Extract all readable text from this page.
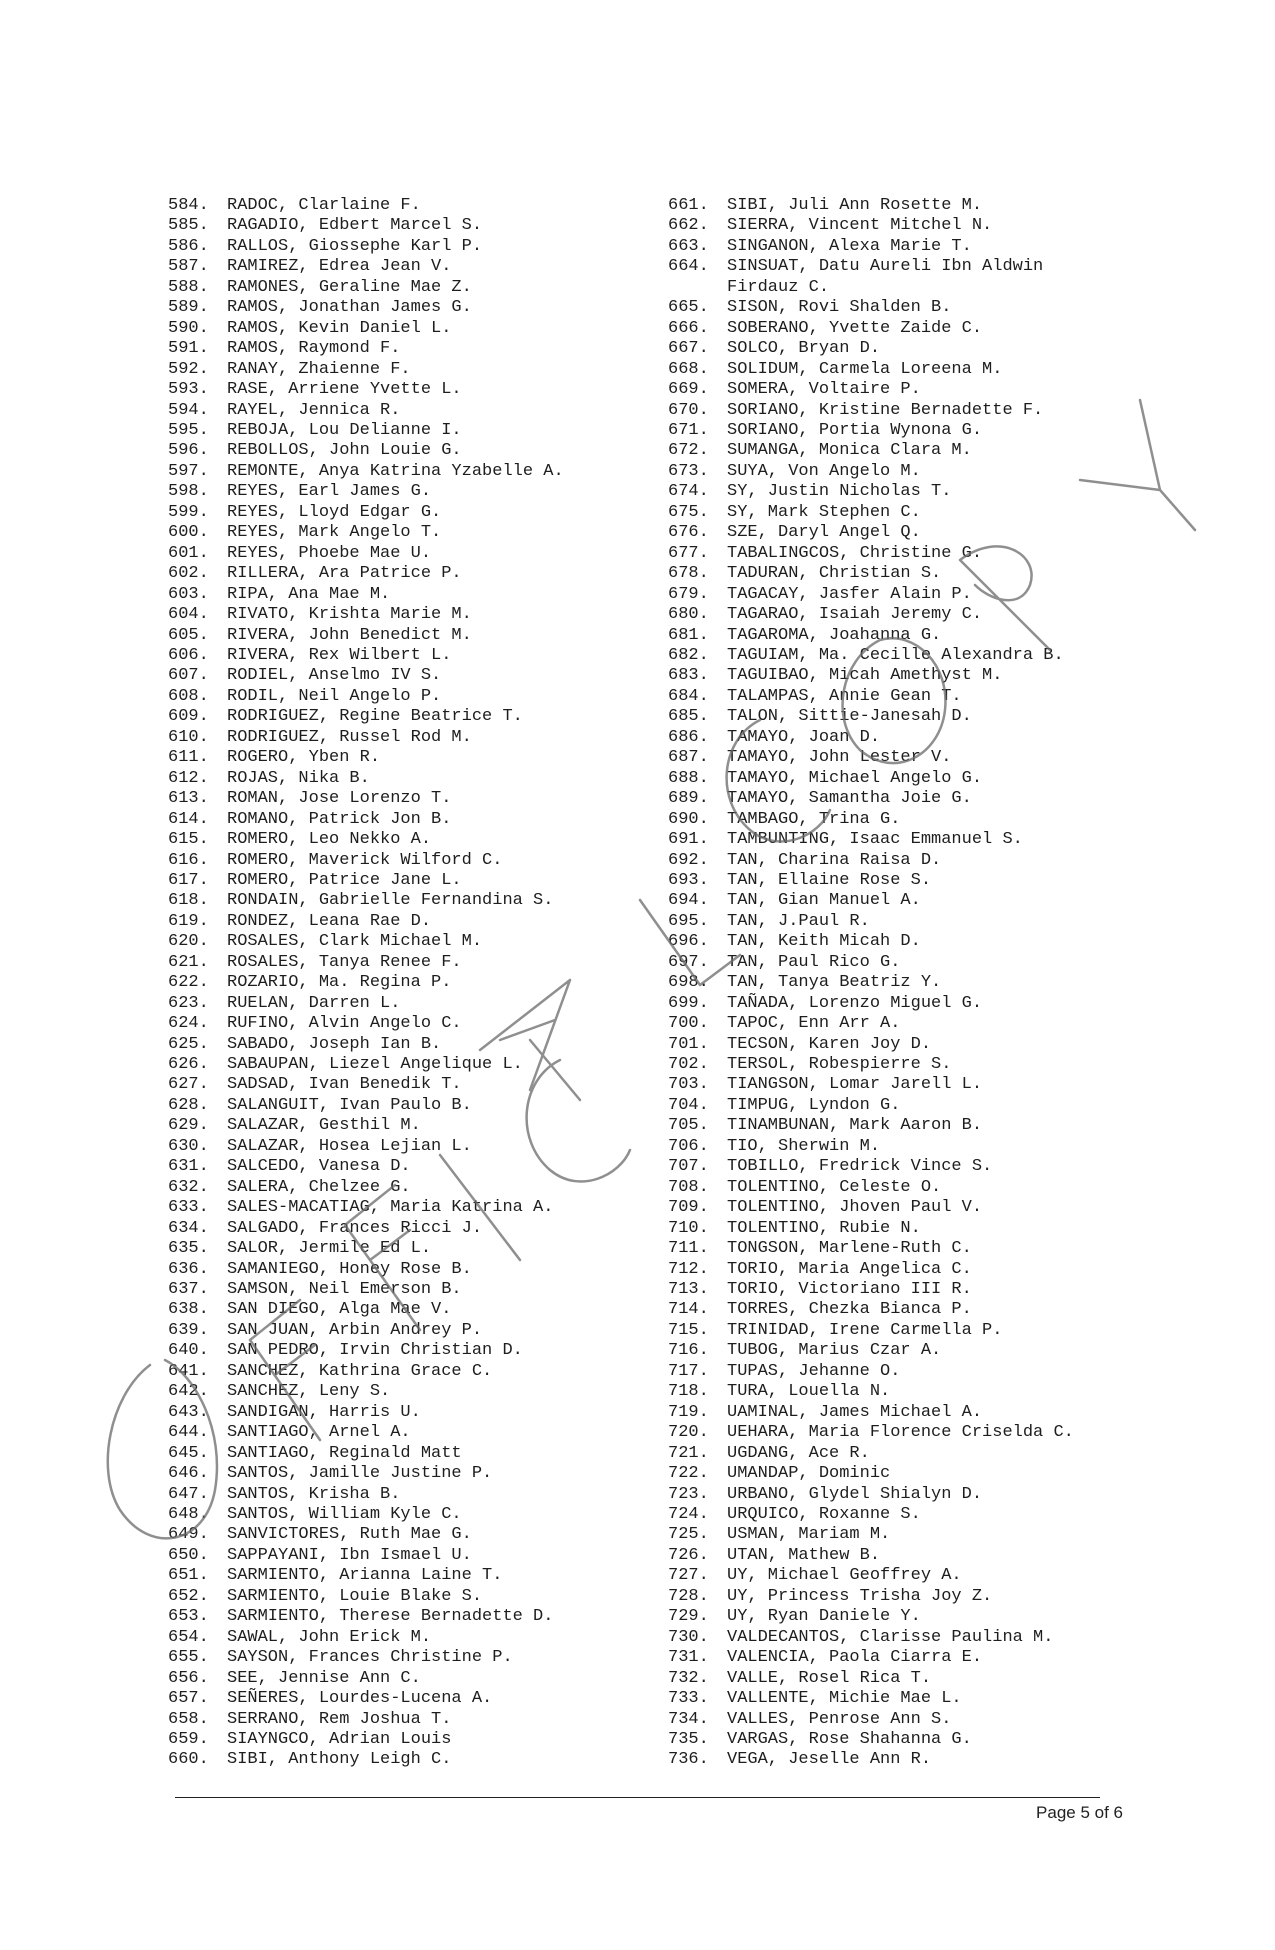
584.	RADOC, Clarlaine F.
585.	RAGADIO, Edbert Marcel S.
586.	RALLOS, Giossephe Karl P.
587.	RAMIREZ, Edrea Jean V.
588.	RAMONES, Geraline Mae Z.
589.	RAMOS, Jonathan James G.
590.	RAMOS, Kevin Daniel L.
591.	RAMOS, Raymond F.
592.	RANAY, Zhaienne F.
593.	RASE, Arriene Yvette L.
594.	RAYEL, Jennica R.
595.	REBOJA, Lou Delianne I.
596.	REBOLLOS, John Louie G.
597.	REMONTE, Anya Katrina Yzabelle A.
598.	REYES, Earl James G.
599.	REYES, Lloyd Edgar G.
600.	REYES, Mark Angelo T.
601.	REYES, Phoebe Mae U.
602.	RILLERA, Ara Patrice P.
603.	RIPA, Ana Mae M.
604.	RIVATO, Krishta Marie M.
605.	RIVERA, John Benedict M.
606.	RIVERA, Rex Wilbert L.
607.	RODIEL, Anselmo IV S.
608.	RODIL, Neil Angelo P.
609.	RODRIGUEZ, Regine Beatrice T.
610.	RODRIGUEZ, Russel Rod M.
611.	ROGERO, Yben R.
612.	ROJAS, Nika B.
613.	ROMAN, Jose Lorenzo T.
614.	ROMANO, Patrick Jon B.
615.	ROMERO, Leo Nekko A.
616.	ROMERO, Maverick Wilford C.
617.	ROMERO, Patrice Jane L.
618.	RONDAIN, Gabrielle Fernandina S.
619.	RONDEZ, Leana Rae D.
620.	ROSALES, Clark Michael M.
621.	ROSALES, Tanya Renee F.
622.	ROZARIO, Ma. Regina P.
623.	RUELAN, Darren L.
624.	RUFINO, Alvin Angelo C.
625.	SABADO, Joseph Ian B.
626.	SABAUPAN, Liezel Angelique L.
627.	SADSAD, Ivan Benedik T.
628.	SALANGUIT, Ivan Paulo B.
629.	SALAZAR, Gesthil M.
630.	SALAZAR, Hosea Lejian L.
631.	SALCEDO, Vanesa D.
632.	SALERA, Chelzee G.
633.	SALES-MACATIAG, Maria Katrina A.
634.	SALGADO, Frances Ricci J.
635.	SALOR, Jermile Ed L.
636.	SAMANIEGO, Honey Rose B.
637.	SAMSON, Neil Emerson B.
638.	SAN DIEGO, Alga Mae V.
639.	SAN JUAN, Arbin Andrey P.
640.	SAN PEDRO, Irvin Christian D.
641.	SANCHEZ, Kathrina Grace C.
642.	SANCHEZ, Leny S.
643.	SANDIGAN, Harris U.
644.	SANTIAGO, Arnel A.
645.	SANTIAGO, Reginald Matt
646.	SANTOS, Jamille Justine P.
647.	SANTOS, Krisha B.
648.	SANTOS, William Kyle C.
649.	SANVICTORES, Ruth Mae G.
650.	SAPPAYANI, Ibn Ismael U.
651.	SARMIENTO, Arianna Laine T.
652.	SARMIENTO, Louie Blake S.
653.	SARMIENTO, Therese Bernadette D.
654.	SAWAL, John Erick M.
655.	SAYSON, Frances Christine P.
656.	SEE, Jennise Ann C.
657.	SEÑERES, Lourdes-Lucena A.
658.	SERRANO, Rem Joshua T.
659.	SIAYNGCO, Adrian Louis
660.	SIBI, Anthony Leigh C.
661.	SIBI, Juli Ann Rosette M.
662.	SIERRA, Vincent Mitchel N.
663.	SINGANON, Alexa Marie T.
664.	SINSUAT, Datu Aureli Ibn Aldwin
Firdauz C.
665.	SISON, Rovi Shalden B.
666.	SOBERANO, Yvette Zaide C.
667.	SOLCO, Bryan D.
668.	SOLIDUM, Carmela Loreena M.
669.	SOMERA, Voltaire P.
670.	SORIANO, Kristine Bernadette F.
671.	SORIANO, Portia Wynona G.
672.	SUMANGA, Monica Clara M.
673.	SUYA, Von Angelo M.
674.	SY, Justin Nicholas T.
675.	SY, Mark Stephen C.
676.	SZE, Daryl Angel Q.
677.	TABALINGCOS, Christine G.
678.	TADURAN, Christian S.
679.	TAGACAY, Jasfer Alain P.
680.	TAGARAO, Isaiah Jeremy C.
681.	TAGAROMA, Joahanna G.
682.	TAGUIAM, Ma. Cecille Alexandra B.
683.	TAGUIBAO, Micah Amethyst M.
684.	TALAMPAS, Annie Gean T.
685.	TALON, Sittie-Janesah D.
686.	TAMAYO, Joan D.
687.	TAMAYO, John Lester V.
688.	TAMAYO, Michael Angelo G.
689.	TAMAYO, Samantha Joie G.
690.	TAMBAGO, Trina G.
691.	TAMBUNTING, Isaac Emmanuel S.
692.	TAN, Charina Raisa D.
693.	TAN, Ellaine Rose S.
694.	TAN, Gian Manuel A.
695.	TAN, J.Paul R.
696.	TAN, Keith Micah D.
697.	TAN, Paul Rico G.
698.	TAN, Tanya Beatriz Y.
699.	TAÑADA, Lorenzo Miguel G.
700.	TAPOC, Enn Arr A.
701.	TECSON, Karen Joy D.
702.	TERSOL, Robespierre S.
703.	TIANGSON, Lomar Jarell L.
704.	TIMPUG, Lyndon G.
705.	TINAMBUNAN, Mark Aaron B.
706.	TIO, Sherwin M.
707.	TOBILLO, Fredrick Vince S.
708.	TOLENTINO, Celeste O.
709.	TOLENTINO, Jhoven Paul V.
710.	TOLENTINO, Rubie N.
711.	TONGSON, Marlene-Ruth C.
712.	TORIO, Maria Angelica C.
713.	TORIO, Victoriano III R.
714.	TORRES, Chezka Bianca P.
715.	TRINIDAD, Irene Carmella P.
716.	TUBOG, Marius Czar A.
717.	TUPAS, Jehanne O.
718.	TURA, Louella N.
719.	UAMINAL, James Michael A.
720.	UEHARA, Maria Florence Criselda C.
721.	UGDANG, Ace R.
722.	UMANDAP, Dominic
723.	URBANO, Glydel Shialyn D.
724.	URQUICO, Roxanne S.
725.	USMAN, Mariam M.
726.	UTAN, Mathew B.
727.	UY, Michael Geoffrey A.
728.	UY, Princess Trisha Joy Z.
729.	UY, Ryan Daniele Y.
730.	VALDECANTOS, Clarisse Paulina M.
731.	VALENCIA, Paola Ciarra E.
732.	VALLE, Rosel Rica T.
733.	VALLENTE, Michie Mae L.
734.	VALLES, Penrose Ann S.
735.	VARGAS, Rose Shahanna G.
736.	VEGA, Jeselle Ann R.
Page 5 of 6
